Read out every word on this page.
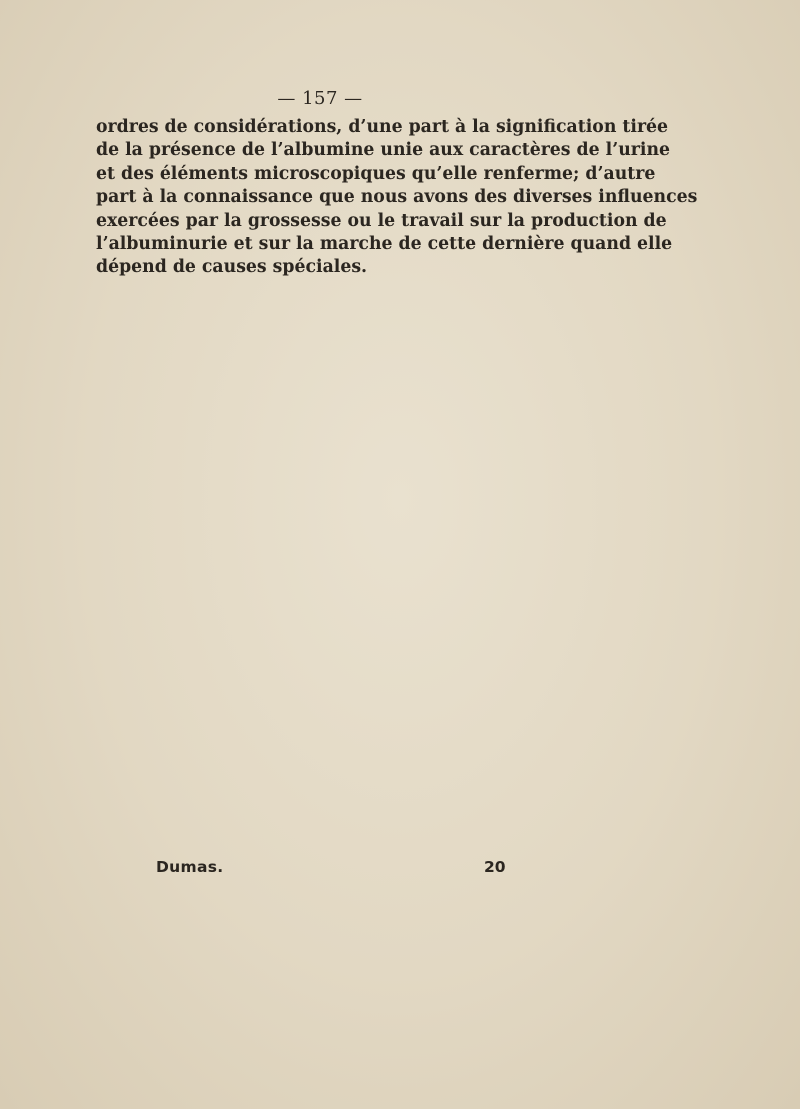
— 157 —
ordres de considérations, d’une part à la signification tirée
de la présence de l’albumine unie aux caractères de l’urine
et des éléments microscopiques qu’elle renferme; d’autre
part à la connaissance que nous avons des diverses influences
exercées par la grossesse ou le travail sur la production de
l’albuminurie et sur la marche de cette dernière quand elle
dépend de causes spéciales.
Dumas.	20
